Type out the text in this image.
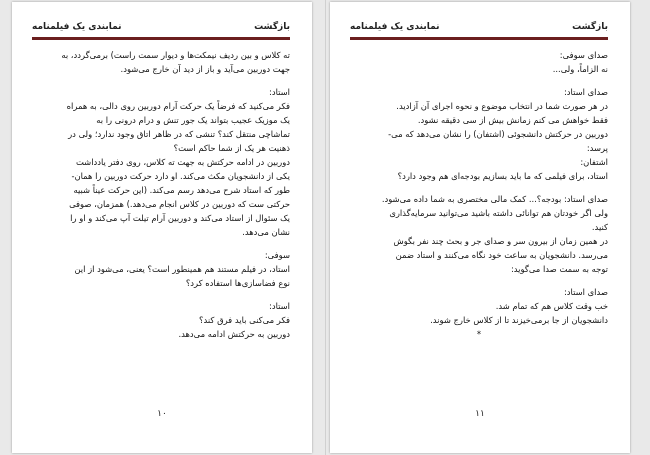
بازگشت
نمابندی یک فیلمنامه
ته کلاس و بین ردیف نیمکت‌ها و دیوار سمت راست) برمی‌گردد، به
جهت دوربین می‌آید و باز از دید آن خارج می‌شود.
استاد:
فکر می‌کنید که فرضاً یک حرکت آرام دوربین روی دالی، به همراه
یک موزیک عجیب بتواند یک جور تنش و درام درونی را به
تماشاچی منتقل کند؟ تنشی که در ظاهر اتاق وجود ندارد؛ ولی در
ذهنیت هر یک از شما حاکم است؟
دوربین در ادامه حرکتش به جهت ته کلاس، روی دفتر یادداشت
یکی از دانشجویان مکث می‌کند. او دارد حرکت دوربین را همان-
طور که استاد شرح می‌دهد رسم می‌کند. (این حرکت عیناً شبیه
حرکتی ست که دوربین در کلاس انجام می‌دهد.) همزمان، صوفی
یک سئوال از استاد می‌کند و دوربین آرام تیلت آپ می‌کند و او را
نشان می‌دهد.
سوفی:
استاد، در فیلم مستند هم همینطور است؟ یعنی، می‌شود از این
نوع فضاسازی‌ها استفاده کرد؟
استاد:
فکر می‌کنی باید فرق کند؟
دوربین به حرکتش ادامه می‌دهد.
۱۰
بازگشت
نمابندی یک فیلمنامه
صدای سوفی:
نه الزاماً، ولی...
صدای استاد:
در هر صورت شما در انتخاب موضوع و نحوه اجرای آن آزادید.
فقط خواهش می کنم زمانش بیش از سی دقیقه نشود.
دوربین در حرکتش دانشجوئی (اشتفان) را نشان می‌دهد که می-
پرسد:
اشتفان:
استاد، برای فیلمی که ما باید بسازیم بودجه‌ای هم وجود دارد؟
صدای استاد: بودجه؟... کمک مالی مختصری به شما داده می‌شود.
ولی اگر خودتان هم توانائی داشته باشید می‌توانید سرمایه‌گذاری
کنید.
در همین زمان از بیرون سر و صدای جر و بحث چند نفر بگوش
می‌رسد. دانشجویان به ساعت خود نگاه می‌کنند و استاد ضمن
توجه به سمت صدا می‌گوید:
صدای استاد:
خب وقت کلاس هم که تمام شد.
دانشجویان از جا برمی‌خیزند تا از کلاس خارج شوند.
*
۱۱
